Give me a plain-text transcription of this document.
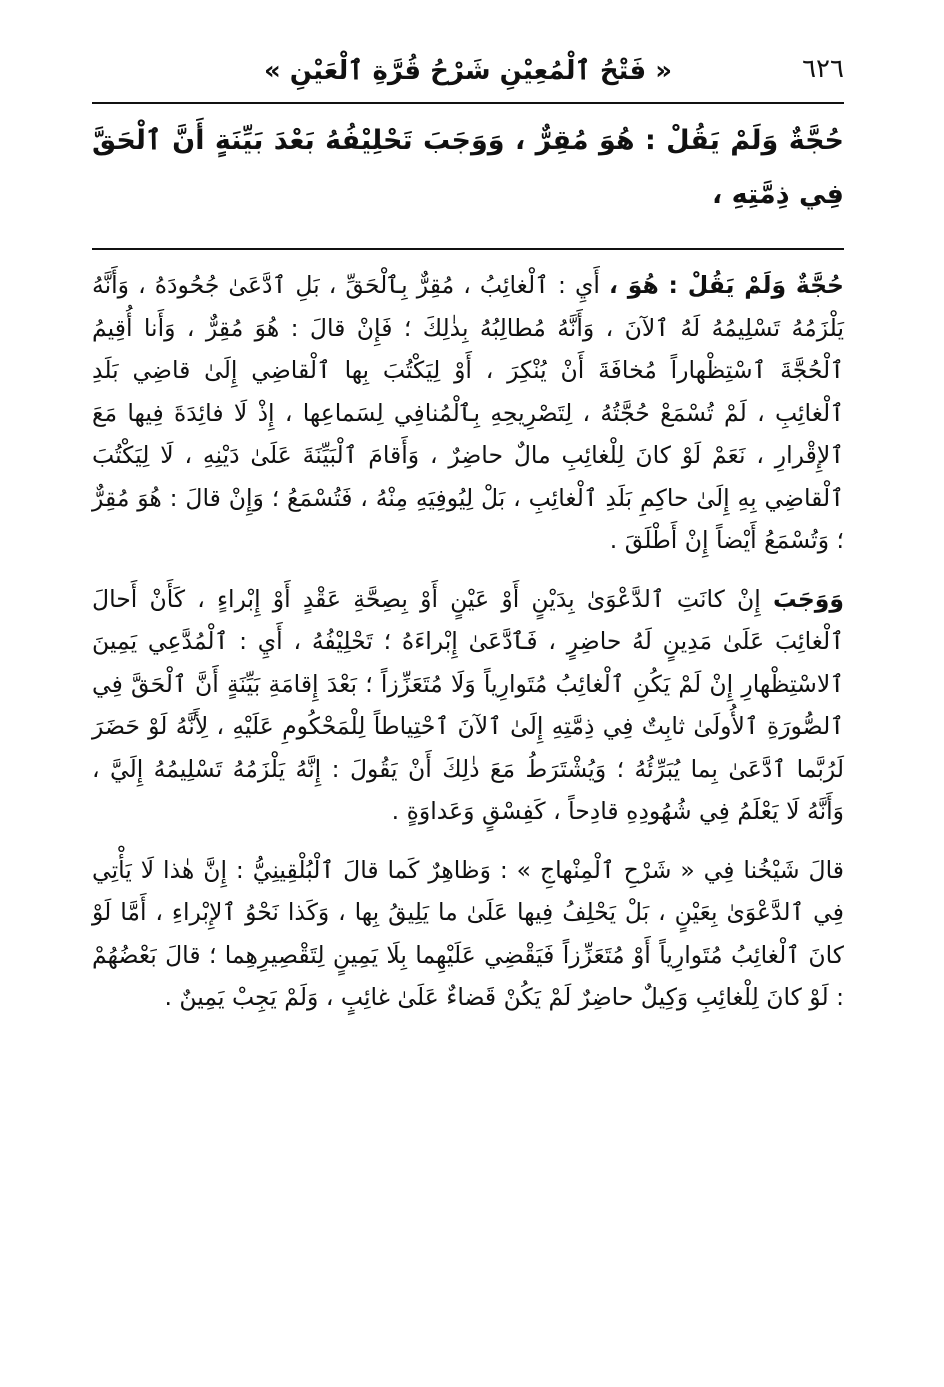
٦٢٦
« فَتْحُ ٱلْمُعِيْنِ شَرْحُ قُرَّةِ ٱلْعَيْنِ »
حُجَّةٌ وَلَمْ يَقُلْ : هُوَ مُقِرٌّ ، وَوَجَبَ تَحْلِيْفُهُ بَعْدَ بَيِّنَةٍ أَنَّ ٱلْحَقَّ فِي ذِمَّتِهِ ،

حُجَّةٌ وَلَمْ يَقُلْ : هُوَ ، أَيِ : ٱلْغائِبُ ، مُقِرٌّ بِٱلْحَقِّ ، بَلِ ٱدَّعَىٰ جُحُودَهُ ، وَأَنَّهُ يَلْزَمُهُ تَسْلِيمُهُ لَهُ ٱلآنَ ، وَأَنَّهُ مُطالِبُهُ بِذٰلِكَ ؛ فَإِنْ قالَ : هُوَ مُقِرٌّ ، وَأَنا أُقِيمُ ٱلْحُجَّةَ ٱسْتِظْهاراً مُخافَةَ أَنْ يُنْكِرَ ، أَوْ لِيَكْتُبَ بِها ٱلْقاضِي إِلَىٰ قاضِي بَلَدِ ٱلْغائِبِ ، لَمْ تُسْمَعْ حُجَّتُهُ ، لِتَصْرِيحِهِ بِٱلْمُنافِي لِسَماعِها ، إِذْ لَا فائِدَةَ فِيها مَعَ ٱلإِقْرارِ ، نَعَمْ لَوْ كانَ لِلْغائِبِ مالٌ حاضِرٌ ، وَأَقامَ ٱلْبَيِّنَةَ عَلَىٰ دَيْنِهِ ، لَا لِيَكْتُبَ ٱلْقاضِي بِهِ إِلَىٰ حاكِمِ بَلَدِ ٱلْغائِبِ ، بَلْ لِيُوفِيَهِ مِنْهُ ، فَتُسْمَعُ ؛ وَإِنْ قالَ : هُوَ مُقِرٌّ ؛ وَتُسْمَعُ أَيْضاً إِنْ أَطْلَقَ .

وَوَجَبَ إِنْ كانَتِ ٱلدَّعْوَىٰ بِدَيْنٍ أَوْ عَيْنٍ أَوْ بِصِحَّةِ عَقْدٍ أَوْ إِبْراءٍ ، كَأَنْ أَحالَ ٱلْغائِبَ عَلَىٰ مَدِينٍ لَهُ حاضِرٍ ، فَٱدَّعَىٰ إِبْراءَهُ ؛ تَحْلِيْفُهُ ، أَيِ : ٱلْمُدَّعِي يَمِينَ ٱلاسْتِظْهارِ إِنْ لَمْ يَكُنِ ٱلْغائِبُ مُتَوارِياً وَلَا مُتَعَزِّزاً ؛ بَعْدَ إِقامَةِ بَيِّنَةٍ أَنَّ ٱلْحَقَّ فِي ٱلصُّورَةِ ٱلأُولَىٰ ثابِتٌ فِي ذِمَّتِهِ إِلَىٰ ٱلآنَ ٱحْتِياطاً لِلْمَحْكُومِ عَلَيْهِ ، لِأَنَّهُ لَوْ حَضَرَ لَرُبَّما ٱدَّعَىٰ بِما يُبَرِّئُهُ ؛ وَيُشْتَرَطُ مَعَ ذٰلِكَ أَنْ يَقُولَ : إِنَّهُ يَلْزَمُهُ تَسْلِيمُهُ إِلَيَّ ، وَأَنَّهُ لَا يَعْلَمُ فِي شُهُودِهِ قادِحاً ، كَفِسْقٍ وَعَداوَةٍ .

قالَ شَيْخُنا فِي « شَرْحِ ٱلْمِنْهاجِ » : وَظاهِرٌ كَما قالَ ٱلْبُلْقِينِيُّ : إِنَّ هٰذا لَا يَأْتِي فِي ٱلدَّعْوَىٰ بِعَيْنٍ ، بَلْ يَحْلِفُ فِيها عَلَىٰ ما يَلِيقُ بِها ، وَكَذا نَحْوُ ٱلإِبْراءِ ، أَمَّا لَوْ كانَ ٱلْغائِبُ مُتَوارِياً أَوْ مُتَعَزِّزاً فَيَقْضِي عَلَيْهِما بِلَا يَمِينٍ لِتَقْصِيرِهِما ؛ قالَ بَعْضُهُمْ : لَوْ كانَ لِلْغائِبِ وَكِيلٌ حاضِرٌ لَمْ يَكُنْ قَضاءٌ عَلَىٰ غائِبٍ ، وَلَمْ يَجِبْ يَمِينٌ .
